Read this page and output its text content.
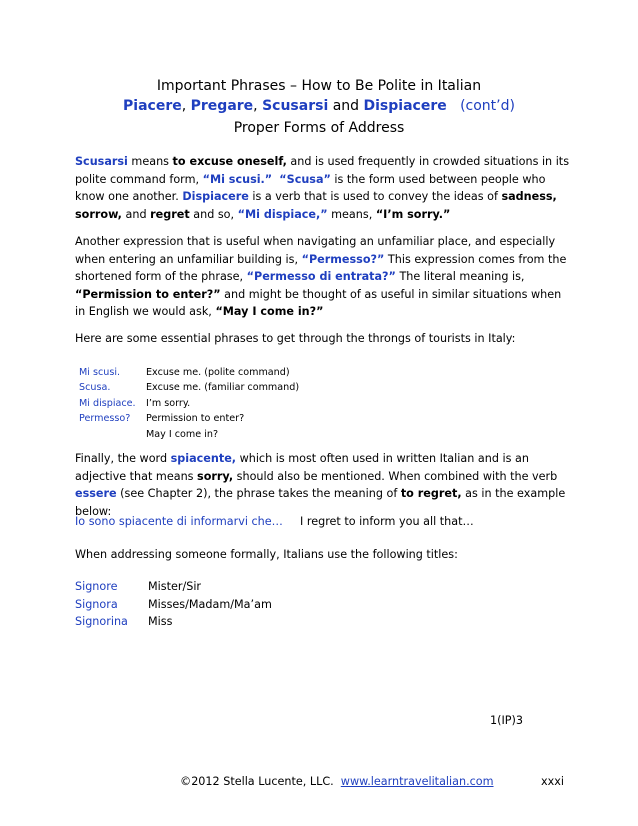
Important Phrases – How to Be Polite in Italian
Piacere, Pregare, Scusarsi and Dispiacere   (cont’d)
Proper Forms of Address
Scusarsi means to excuse oneself, and is used frequently in crowded situations in its polite command form, “Mi scusi.” “Scusa” is the form used between people who know one another. Dispiacere is a verb that is used to convey the ideas of sadness, sorrow, and regret and so, “Mi dispiace,” means, “I’m sorry.”
Another expression that is useful when navigating an unfamiliar place, and especially when entering an unfamiliar building is, “Permesso?” This expression comes from the shortened form of the phrase, “Permesso di entrata?” The literal meaning is, “Permission to enter?” and might be thought of as useful in similar situations when in English we would ask, “May I come in?”
Here are some essential phrases to get through the throngs of tourists in Italy:
Mi scusi.	Excuse me. (polite command)
Scusa.	Excuse me. (familiar command)
Mi dispiace.	I’m sorry.
Permesso?	Permission to enter?
May I come in?
Finally, the word spiacente, which is most often used in written Italian and is an adjective that means sorry, should also be mentioned. When combined with the verb essere (see Chapter 2), the phrase takes the meaning of to regret, as in the example below:
Io sono spiacente di informarvi che… I regret to inform you all that…
When addressing someone formally, Italians use the following titles:
Signore	Mister/Sir
Signora	Misses/Madam/Ma’am
Signorina	Miss
1(IP)3
©2012 Stella Lucente, LLC.  www.learntravelitalian.com	xxxi
